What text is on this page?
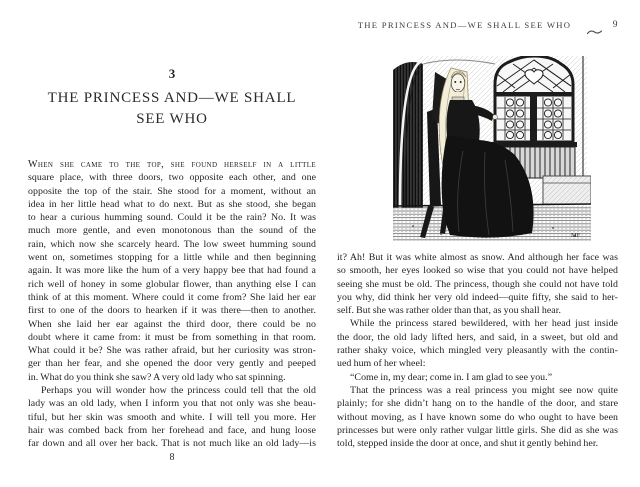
3
THE PRINCESS AND—WE SHALL
SEE WHO
When she came to the top, she found herself in a little
square place, with three doors, two opposite each other, and one
opposite the top of the stair. She stood for a moment, without an
idea in her little head what to do next. But as she stood, she began
to hear a curious humming sound. Could it be the rain? No. It was
much more gentle, and even monotonous than the sound of the
rain, which now she scarcely heard. The low sweet humming sound
went on, sometimes stopping for a little while and then beginning
again. It was more like the hum of a very happy bee that had found a
rich well of honey in some globular flower, than anything else I can
think of at this moment. Where could it come from? She laid her ear
first to one of the doors to hearken if it was there—then to another.
When she laid her ear against the third door, there could be no
doubt where it came from: it must be from something in that room.
What could it be? She was rather afraid, but her curiosity was stron-
ger than her fear, and she opened the door very gently and peeped
in. What do you think she saw? A very old lady who sat spinning.
Perhaps you will wonder how the princess could tell that the old
lady was an old lady, when I inform you that not only was she beau-
tiful, but her skin was smooth and white. I will tell you more. Her
hair was combed back from her forehead and face, and hung loose
far down and all over her back. That is not much like an old lady—is
8
THE PRINCESS AND—WE SHALL SEE WHO	9
MF
it? Ah! But it was white almost as snow. And although her face was
so smooth, her eyes looked so wise that you could not have helped
seeing she must be old. The princess, though she could not have told
you why, did think her very old indeed—quite fifty, she said to her-
self. But she was rather older than that, as you shall hear.
While the princess stared bewildered, with her head just inside
the door, the old lady lifted hers, and said, in a sweet, but old and
rather shaky voice, which mingled very pleasantly with the contin-
ued hum of her wheel:
“Come in, my dear; come in. I am glad to see you.”
That the princess was a real princess you might see now quite
plainly; for she didn’t hang on to the handle of the door, and stare
without moving, as I have known some do who ought to have been
princesses but were only rather vulgar little girls. She did as she was
told, stepped inside the door at once, and shut it gently behind her.
